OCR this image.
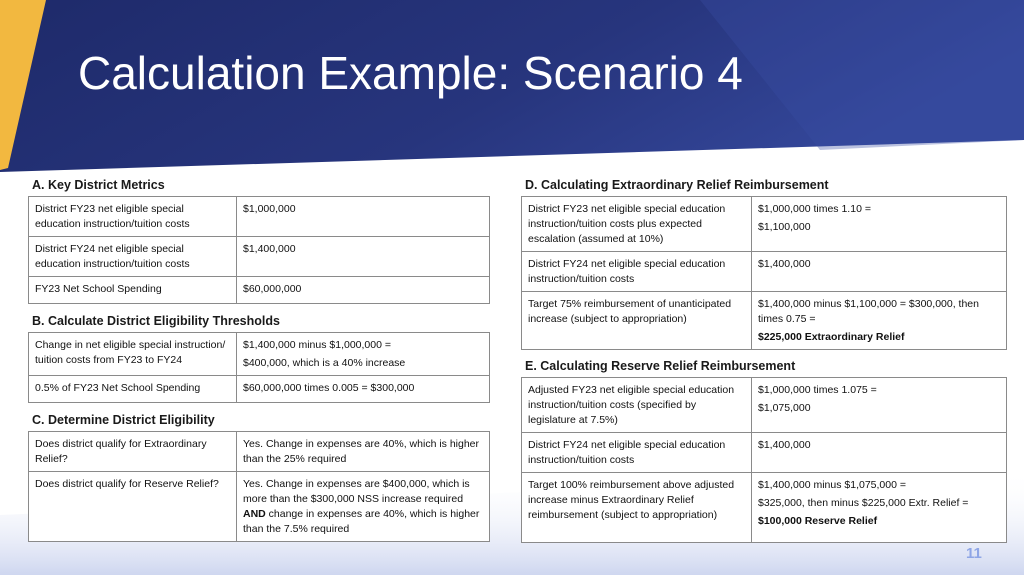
Calculation Example: Scenario 4
A. Key District Metrics
District FY23 net eligible special education instruction/tuition costs	$1,000,000
District FY24 net eligible special education instruction/tuition costs	$1,400,000
FY23 Net School Spending	$60,000,000
B. Calculate District Eligibility Thresholds
Change in net eligible special instruction/ tuition costs from FY23 to FY24	$1,400,000 minus $1,000,000 =
$400,000, which is a 40% increase

0.5% of FY23 Net School Spending	$60,000,000 times 0.005 = $300,000
C. Determine District Eligibility
Does district qualify for Extraordinary Relief?	Yes. Change in expenses are 40%, which is higher than the 25% required
Does district qualify for Reserve Relief?	Yes. Change in expenses are $400,000, which is more than the $300,000 NSS increase required AND change in expenses are 40%, which is higher than the 7.5% required
D. Calculating Extraordinary Relief Reimbursement
District FY23 net eligible special education instruction/tuition costs plus expected escalation (assumed at 10%)	$1,000,000 times 1.10 =
$1,100,000

District FY24 net eligible special education instruction/tuition costs	$1,400,000
Target 75% reimbursement of unanticipated increase (subject to appropriation)	$1,400,000 minus $1,100,000 = $300,000, then times 0.75 =
$225,000 Extraordinary Relief
E. Calculating Reserve Relief Reimbursement
Adjusted FY23 net eligible special education instruction/tuition costs (specified by legislature at 7.5%)	$1,000,000 times 1.075 =
$1,075,000

District FY24 net eligible special education instruction/tuition costs	$1,400,000
Target 100% reimbursement above adjusted increase minus Extraordinary Relief reimbursement (subject to appropriation)	$1,400,000 minus $1,075,000 =
$325,000, then minus $225,000 Extr. Relief =
$100,000 Reserve Relief
11
